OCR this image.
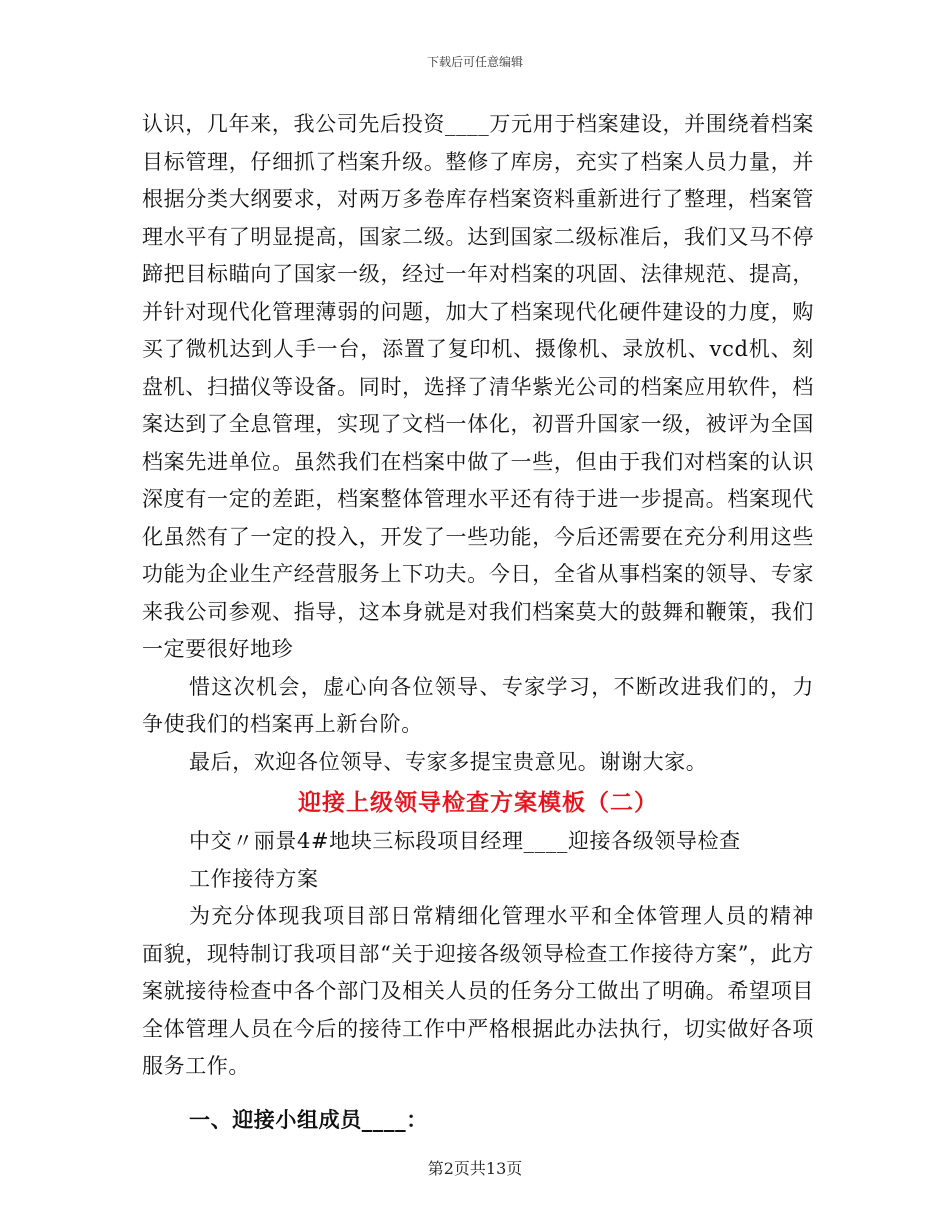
下载后可任意编辑

认识，几年来，我公司先后投资____万元用于档案建设，并围绕着档案目标管理，仔细抓了档案升级。整修了库房，充实了档案人员力量，并根据分类大纲要求，对两万多卷库存档案资料重新进行了整理，档案管理水平有了明显提高，国家二级。达到国家二级标准后，我们又马不停蹄把目标瞄向了国家一级，经过一年对档案的巩固、法律规范、提高，并针对现代化管理薄弱的问题，加大了档案现代化硬件建设的力度，购买了微机达到人手一台，添置了复印机、摄像机、录放机、vcd机、刻盘机、扫描仪等设备。同时，选择了清华紫光公司的档案应用软件，档案达到了全息管理，实现了文档一体化，初晋升国家一级，被评为全国档案先进单位。虽然我们在档案中做了一些，但由于我们对档案的认识深度有一定的差距，档案整体管理水平还有待于进一步提高。档案现代化虽然有了一定的投入，开发了一些功能，今后还需要在充分利用这些功能为企业生产经营服务上下功夫。今日，全省从事档案的领导、专家来我公司参观、指导，这本身就是对我们档案莫大的鼓舞和鞭策，我们一定要很好地珍

惜这次机会，虚心向各位领导、专家学习，不断改进我们的，力争使我们的档案再上新台阶。

最后，欢迎各位领导、专家多提宝贵意见。谢谢大家。

迎接上级领导检查方案模板（二）

中交〃丽景4#地块三标段项目经理____迎接各级领导检查

工作接待方案

为充分体现我项目部日常精细化管理水平和全体管理人员的精神面貌，现特制订我项目部“关于迎接各级领导检查工作接待方案”，此方案就接待检查中各个部门及相关人员的任务分工做出了明确。希望项目全体管理人员在今后的接待工作中严格根据此办法执行，切实做好各项服务工作。

一、迎接小组成员____：

第2页共13页
